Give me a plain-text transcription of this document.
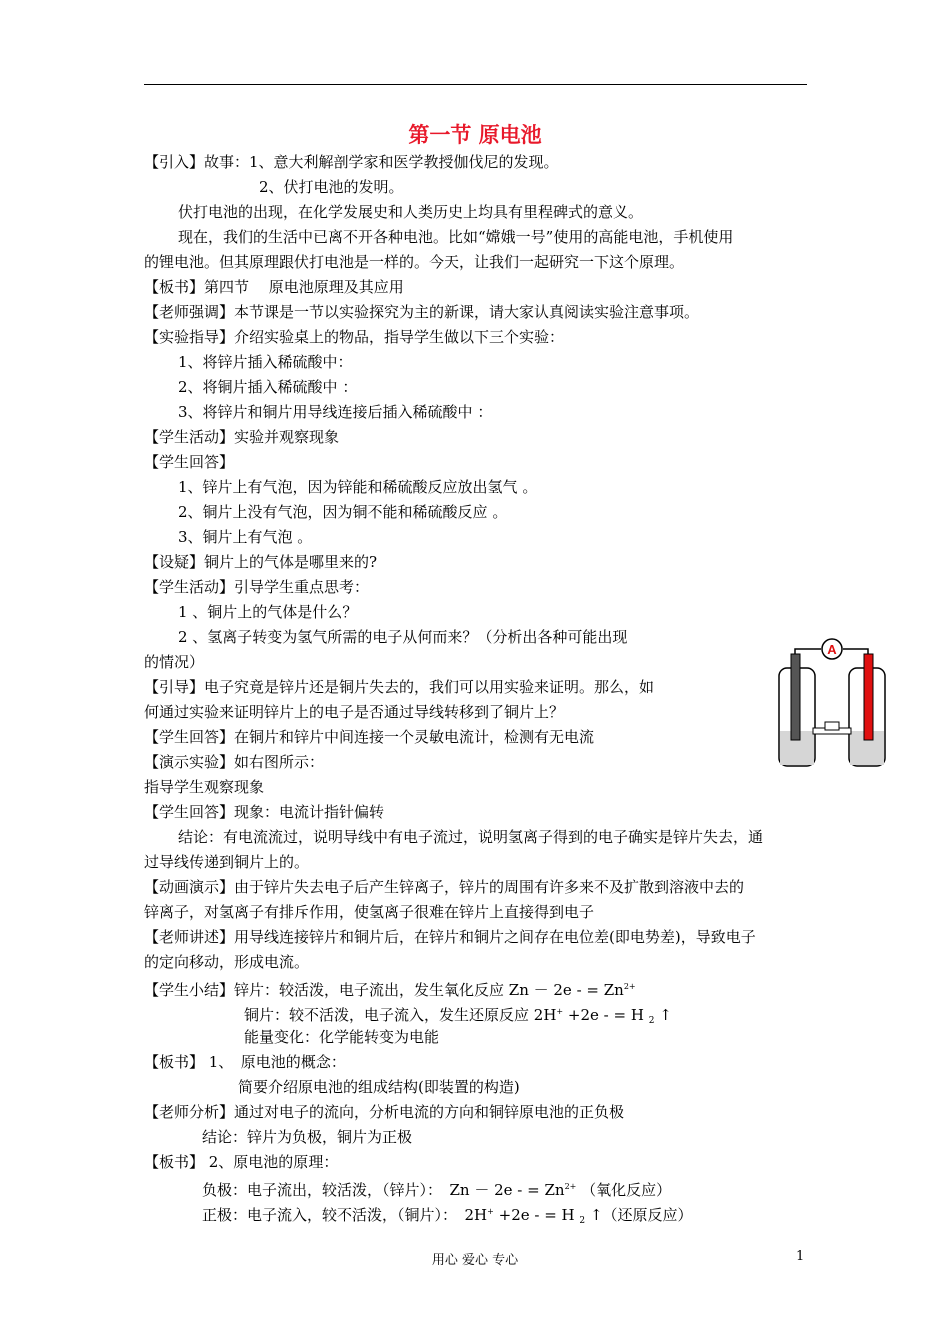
第一节 原电池
【引入】故事：1、意大利解剖学家和医学教授伽伐尼的发现。
2、伏打电池的发明。
伏打电池的出现，在化学发展史和人类历史上均具有里程碑式的意义。
现在，我们的生活中已离不开各种电池。比如“嫦娥一号”使用的高能电池，手机使用
的锂电池。但其原理跟伏打电池是一样的。今天，让我们一起研究一下这个原理。
【板书】第四节　 原电池原理及其应用
【老师强调】本节课是一节以实验探究为主的新课，请大家认真阅读实验注意事项。
【实验指导】介绍实验桌上的物品，指导学生做以下三个实验：
1、将锌片插入稀硫酸中：
2、将铜片插入稀硫酸中 ：
3、将锌片和铜片用导线连接后插入稀硫酸中 ：
【学生活动】实验并观察现象
【学生回答】
1、锌片上有气泡，因为锌能和稀硫酸反应放出氢气 。
2、铜片上没有气泡，因为铜不能和稀硫酸反应 。
3、铜片上有气泡 。
【设疑】铜片上的气体是哪里来的?
【学生活动】引导学生重点思考：
1 、铜片上的气体是什么？
2 、氢离子转变为氢气所需的电子从何而来？（分析出各种可能出现
的情况）
【引导】电子究竟是锌片还是铜片失去的，我们可以用实验来证明。那么，如
何通过实验来证明锌片上的电子是否通过导线转移到了铜片上？
【学生回答】在铜片和锌片中间连接一个灵敏电流计，检测有无电流
【演示实验】如右图所示：
指导学生观察现象
【学生回答】现象：电流计指针偏转
结论：有电流流过，说明导线中有电子流过，说明氢离子得到的电子确实是锌片失去，通
过导线传递到铜片上的。
【动画演示】由于锌片失去电子后产生锌离子，锌片的周围有许多来不及扩散到溶液中去的
锌离子，对氢离子有排斥作用，使氢离子很难在锌片上直接得到电子
【老师讲述】用导线连接锌片和铜片后，在锌片和铜片之间存在电位差(即电势差)，导致电子
的定向移动，形成电流。
【学生小结】锌片：较活泼，电子流出，发生氧化反应 Zn － 2e - = $Zn^{2+}$
铜片：较不活泼，电子流入，发生还原反应 2H+ +2e - = H $_2$ ↑
能量变化：化学能转变为电能
【板书】 1、　原电池的概念：
简要介绍原电池的组成结构(即装置的构造)
【老师分析】通过对电子的流向，分析电流的方向和铜锌原电池的正负极
结论：锌片为负极，铜片为正极
【板书】 2、原电池的原理：
负极：电子流出，较活泼，（锌片）：　Zn － 2e - = $Zn^{2+}$ （氧化反应）
正极：电子流入，较不活泼，（铜片）：　2H+ +2e - = H $_2$ ↑（还原反应）
A
用心 爱心 专心	1
